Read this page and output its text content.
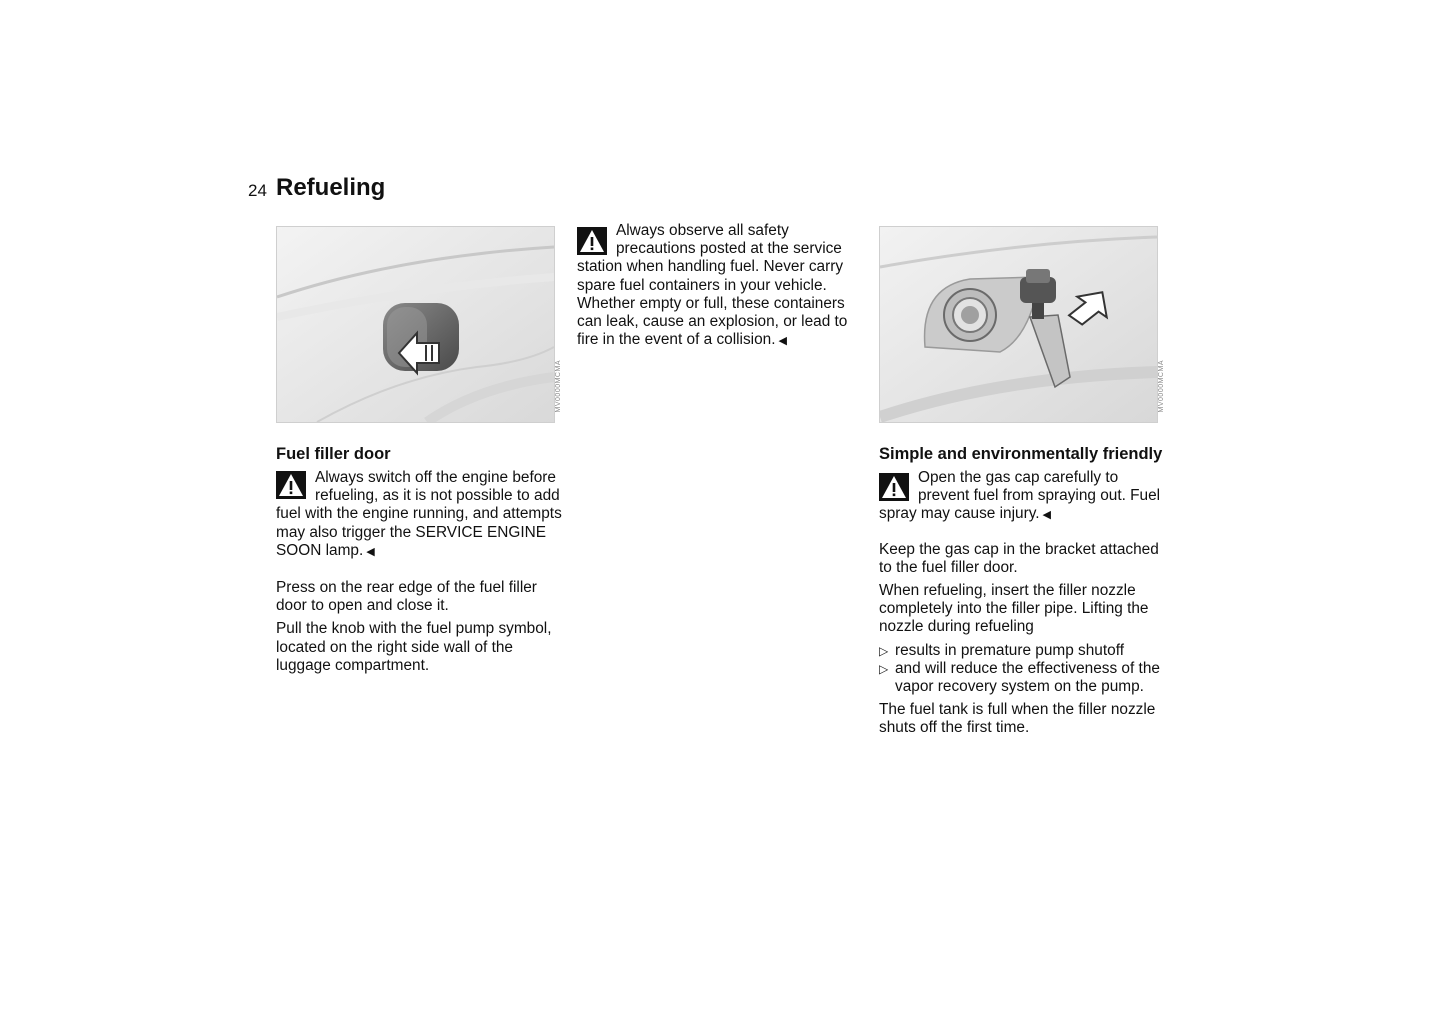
24 Refueling
MV0000MCMA
Fuel filler door

Always switch off the engine before refueling, as it is not possible to add fuel with the engine running, and attempts may also trigger the SERVICE ENGINE SOON lamp. ◀

Press on the rear edge of the fuel filler door to open and close it.

Pull the knob with the fuel pump symbol, located on the right side wall of the luggage compartment.

Always observe all safety precautions posted at the service station when handling fuel. Never carry spare fuel containers in your vehicle. Whether empty or full, these containers can leak, cause an explosion, or lead to fire in the event of a collision. ◀

MV0000MCMA
Simple and environmentally friendly

Open the gas cap carefully to prevent fuel from spraying out. Fuel spray may cause injury. ◀

Keep the gas cap in the bracket attached to the fuel filler door.

When refueling, insert the filler nozzle completely into the filler pipe. Lifting the nozzle during refueling

▷ results in premature pump shutoff
▷ and will reduce the effectiveness of the vapor recovery system on the pump.

The fuel tank is full when the filler nozzle shuts off the first time.
